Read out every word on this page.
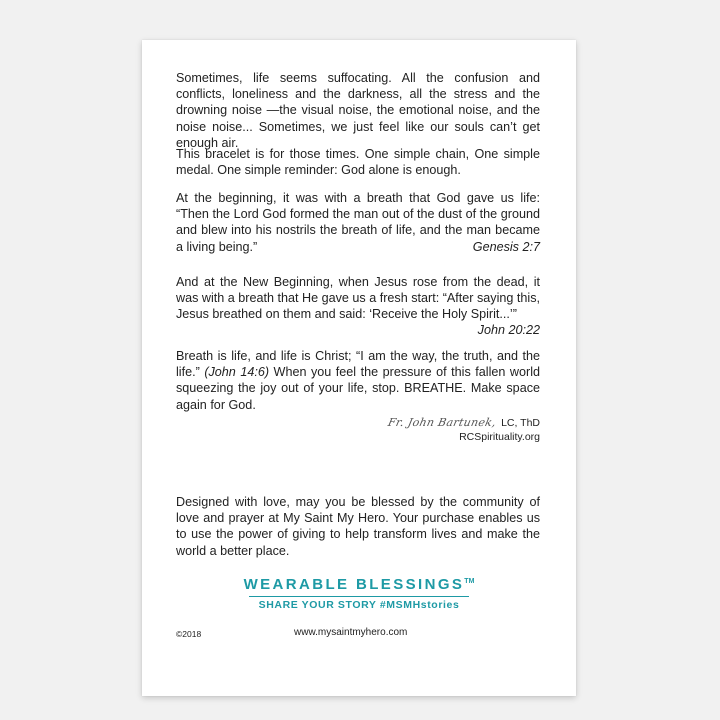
Sometimes, life seems suffocating. All the confusion and conflicts, loneliness and the darkness, all the stress and the drowning noise —the visual noise, the emotional noise, and the noise noise... Sometimes, we just feel like our souls can’t get enough air.

This bracelet is for those times. One simple chain, One simple medal. One simple reminder: God alone is enough.

At the beginning, it was with a breath that God gave us life: “Then the Lord God formed the man out of the dust of the ground and blew into his nostrils the breath of life, and the man became a living being.”	Genesis 2:7

And at the New Beginning, when Jesus rose from the dead, it was with a breath that He gave us a fresh start: “After saying this, Jesus breathed on them and said: ‘Receive the Holy Spirit...’”

John 20:22

Breath is life, and life is Christ; “I am the way, the truth, and the life.” (John 14:6) When you feel the pressure of this fallen world squeezing the joy out of your life, stop. BREATHE. Make space again for God.

Fr. John Bartunek, LC, ThD
RCSpirituality.org

Designed with love, may you be blessed by the community of love and prayer at My Saint My Hero. Your purchase enables us to use the power of giving to help transform lives and make the world a better place.

WEARABLE BLESSINGS™
SHARE YOUR STORY #MSMHstories
©2018	www.mysaintmyhero.com
